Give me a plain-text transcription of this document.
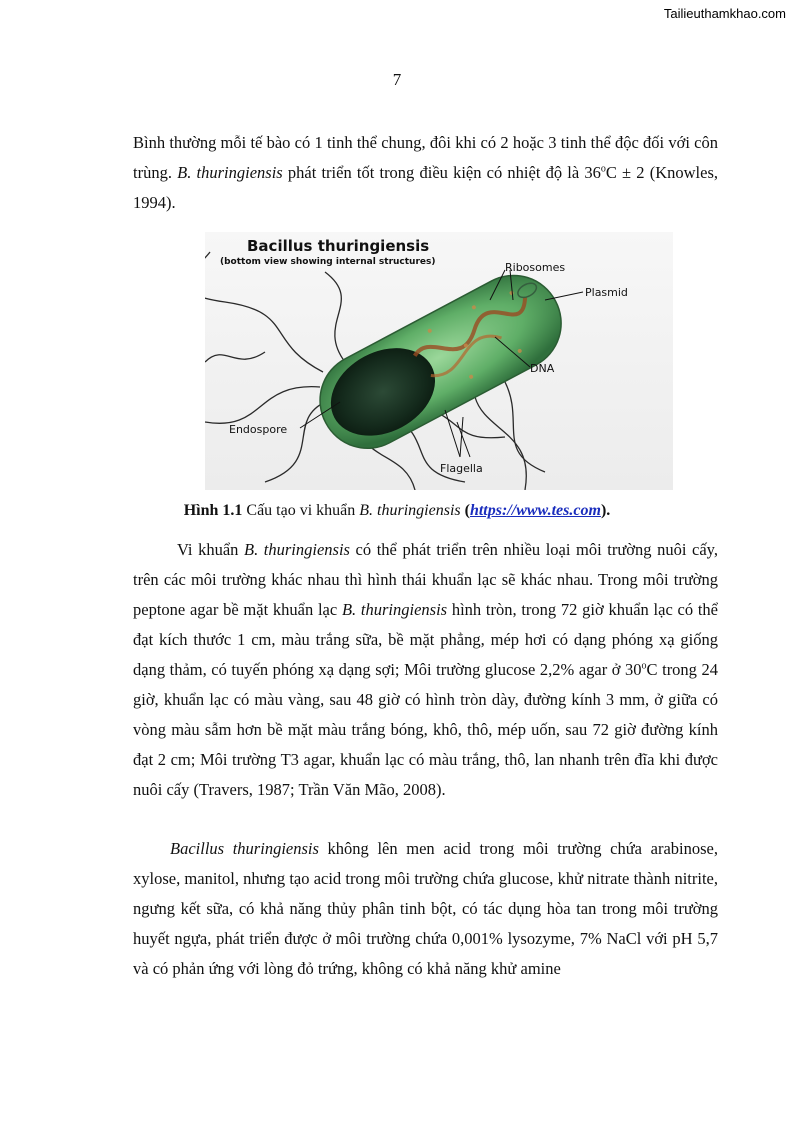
Tailieuthamkhao.com
7

Bình thường mỗi tế bào có 1 tinh thể chung, đôi khi có 2 hoặc 3 tinh thể độc đối với côn trùng. B. thuringiensis phát triển tốt trong điều kiện có nhiệt độ là $36^oC \pm 2$ (Knowles, 1994).

Bacillus thuringiensis
(bottom view showing internal structures)	Ribosomes
Plasmid
DNA
Endospore
Flagella
Hình 1.1 Cấu tạo vi khuẩn B. thuringiensis (https://www.tes.com).

Vi khuẩn B. thuringiensis có thể phát triển trên nhiều loại môi trường nuôi cấy, trên các môi trường khác nhau thì hình thái khuẩn lạc sẽ khác nhau. Trong môi trường peptone agar bề mặt khuẩn lạc B. thuringiensis hình tròn, trong 72 giờ khuẩn lạc có thể đạt kích thước 1 cm, màu trắng sữa, bề mặt phẳng, mép hơi có dạng phóng xạ giống dạng thảm, có tuyến phóng xạ dạng sợi; Môi trường glucose 2,2% agar ở 30$^o$C trong 24 giờ, khuẩn lạc có màu vàng, sau 48 giờ có hình tròn dày, đường kính 3 mm, ở giữa có vòng màu sẫm hơn bề mặt màu trắng bóng, khô, thô, mép uốn, sau 72 giờ đường kính đạt 2 cm; Môi trường T3 agar, khuẩn lạc có màu trắng, thô, lan nhanh trên đĩa khi được nuôi cấy (Travers, 1987; Trần Văn Mão, 2008).

Bacillus thuringiensis không lên men acid trong môi trường chứa arabinose, xylose, manitol, nhưng tạo acid trong môi trường chứa glucose, khử nitrate thành nitrite, ngưng kết sữa, có khả năng thủy phân tinh bột, có tác dụng hòa tan trong môi trường huyết ngựa, phát triển được ở môi trường chứa 0,001% lysozyme, 7% NaCl với pH 5,7 và có phản ứng với lòng đỏ trứng, không có khả năng khử amine
